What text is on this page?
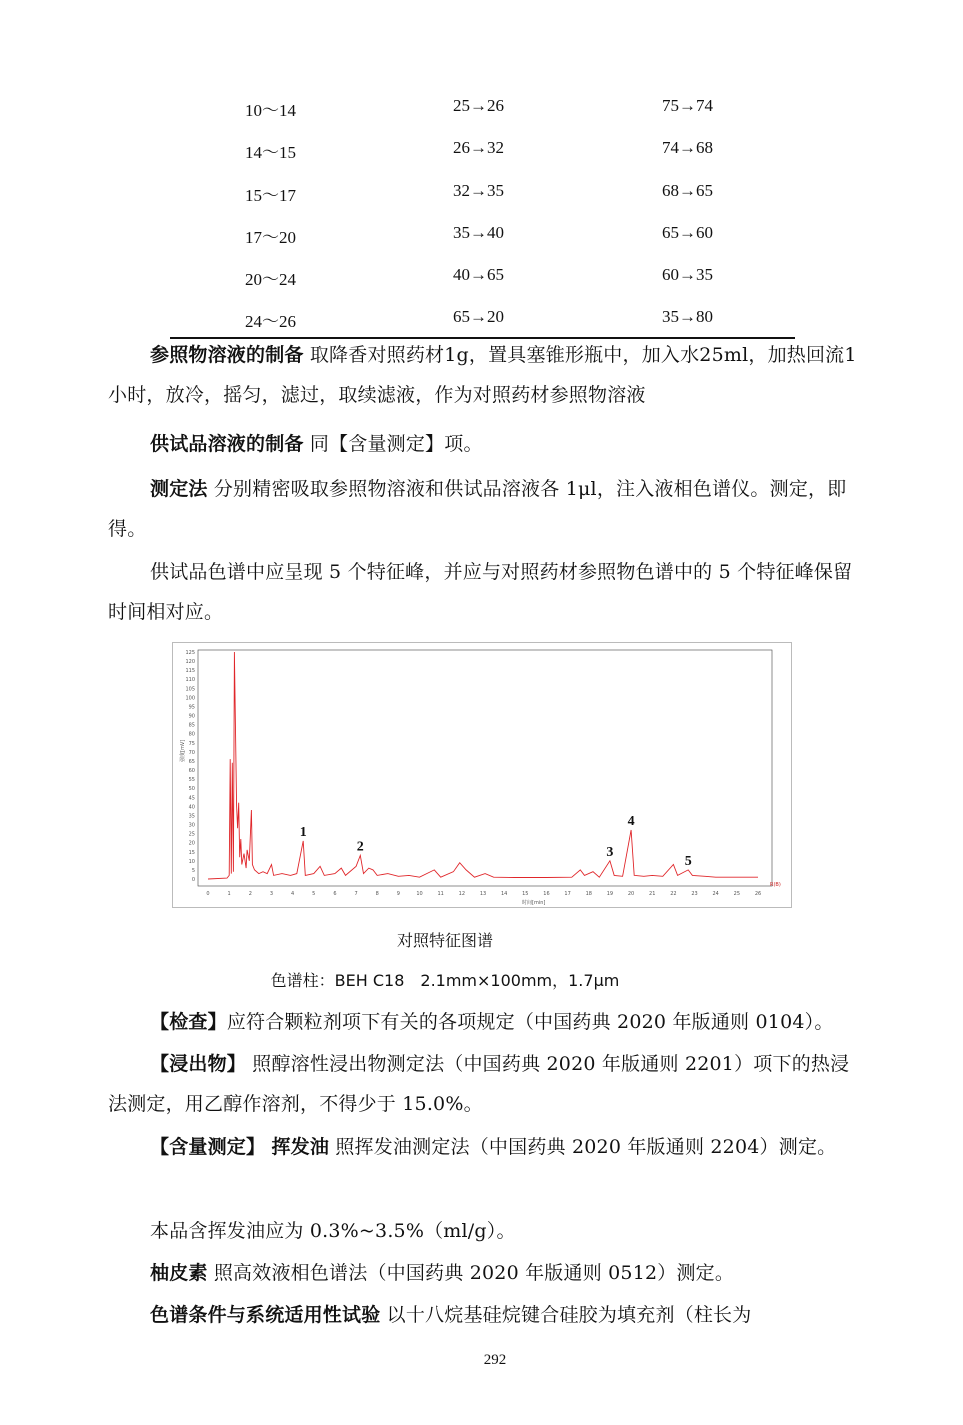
10～14	25→26	75→74
14～15	26→32	74→68
15～17	32→35	68→65
17～20	35→40	65→60
20～24	40→65	60→35
24～26	65→20	35→80

参照物溶液的制备 取降香对照药材1g，置具塞锥形瓶中，加入水25ml，加热回流1小时，放冷，摇匀，滤过，取续滤液，作为对照药材参照物溶液

供试品溶液的制备 同【含量测定】项。

测定法 分别精密吸取参照物溶液和供试品溶液各 1μl，注入液相色谱仪。测定，即得。

供试品色谱中应呈现 5 个特征峰，并应与对照药材参照物色谱中的 5 个特征峰保留时间相对应。

0
5
10
15
20
25
30
35
40
45
50
55
60
65
70
75
80
85
90
95
100
105
110
115
120
125
0	1	2	3	4	5	6	7	8	9	10	11	12	13	14	15	16	17	18	19	20	21	22	23	24	25	26
强度[mV]
时间[min]
R(B)
1
2	3
4
5
对照特征图谱
色谱柱：BEH C18　2.1mm×100mm，1.7μm

【检查】应符合颗粒剂项下有关的各项规定（中国药典 2020 年版通则 0104）。

【浸出物】 照醇溶性浸出物测定法（中国药典 2020 年版通则 2201）项下的热浸法测定，用乙醇作溶剂，不得少于 15.0%。

【含量测定】 挥发油 照挥发油测定法（中国药典 2020 年版通则 2204）测定。

本品含挥发油应为 0.3%~3.5%（ml/g）。

柚皮素 照高效液相色谱法（中国药典 2020 年版通则 0512）测定。

色谱条件与系统适用性试验 以十八烷基硅烷键合硅胶为填充剂（柱长为

292
